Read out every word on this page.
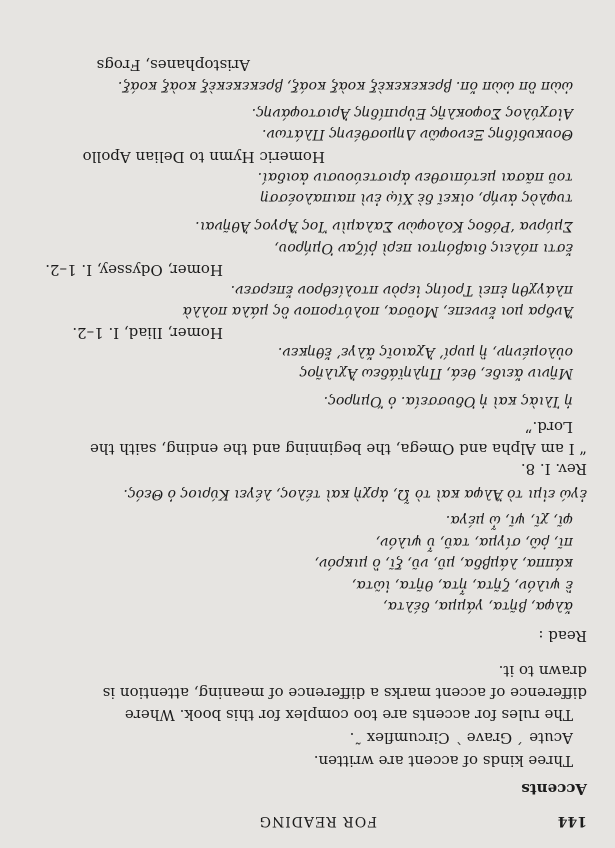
144

FOR READING

Accents

Three kinds of accent are written.

Acute ´ Grave ` Circumflex ῀.

The rules for accents are too complex for this book. Where

difference of accent marks a difference of meaning, attention is

drawn to it.

Read :

ἄλφα, βῆτα, γάμμα, δέλτα,

ἒ ψιλόν, ζῆτα, ἦτα, θῆτα, ἰῶτα,

κάππα, λάμβδα, μῦ, νῦ, ξῖ, ὂ μικρόν,

πῖ, ῥῶ, σίγμα, ταῦ, ὖ ψιλόν,

φῖ, χῖ, ψῖ, ὦ μέγα.

ἐγώ εἰμι τὸ Ἄλφα καὶ τὸ Ὦ, ἀρχὴ καὶ τέλος, λέγει Κύριος ὁ Θεός.

Rev. I. 8.

“ I am Alpha and Omega, the beginning and the ending, saith the

Lord.”

ἡ Ἰλιὰς καὶ ἡ Ὀδυσσεία. ὁ Ὅμηρος.

Μῆνιν ἄειδε, θεά, Πηληϊάδεω Ἀχιλῆος

οὐλομένην, ἣ μυρί’ Ἀχαιοῖς ἄλγε’ ἔθηκεν.

Homer, Iliad, I. 1–2.

Ἄνδρα μοι ἔννεπε, Μοῦσα, πολύτροπον ὃς μάλα πολλὰ

πλάγχθη ἐπεὶ Τροίης ἱερὸν πτολίεθρον ἔπερσεν.

Homer, Odyssey, I. 1–2.

ἔστι πόλεις διαβόητοι περὶ ῥίζαν Ὁμήρου,

Σμύρνα ‘Ρόδος Κολοφὼν Σαλαμὶν Ἴος Ἄργος Ἀθῆναι.

τυφλὸς ἀνήρ, οἰκεῖ δὲ Χίῳ ἐνὶ παιπαλοέσσῃ

τοῦ πᾶσαι μετόπισθεν ἀριστεύουσιν ἀοιδαί.

Homeric Hymn to Delian Apollo

Θουκυδίδης Ξενοφῶν Δημοσθένης Πλάτων.

Αἰσχύλος Σοφοκλῆς Εὐριπίδης Ἀριστοφάνης.

ὠὼπ ὂπ ὠὼπ ὄπ. βρεκεκεκὲξ κοὰξ κοάξ, βρεκεκεκὲξ κοὰξ κοάξ.

Aristophanes, Frogs
